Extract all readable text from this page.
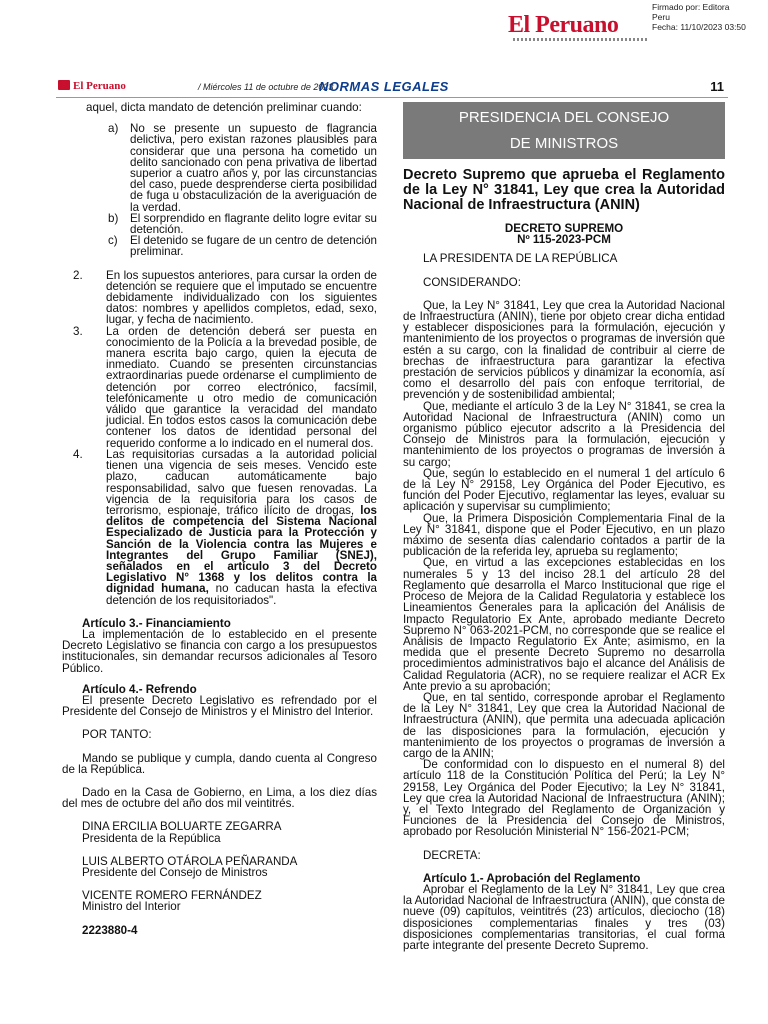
El Peruano
Firmado por: Editora
Peru
Fecha: 11/10/2023 03:50
El Peruano	/ Miércoles 11 de octubre de 2023
NORMAS LEGALES	11

aquel, dicta mandato de detención preliminar cuando:

a) No se presente un supuesto de flagrancia delictiva, pero existan razones plausibles para considerar que una persona ha cometido un delito sancionado con pena privativa de libertad superior a cuatro años y, por las circunstancias del caso, puede desprenderse cierta posibilidad de fuga u obstaculización de la averiguación de la verdad.

b) El sorprendido en flagrante delito logre evitar su detención.

c) El detenido se fugare de un centro de detención preliminar.

2. En los supuestos anteriores, para cursar la orden de detención se requiere que el imputado se encuentre debidamente individualizado con los siguientes datos: nombres y apellidos completos, edad, sexo, lugar, y fecha de nacimiento.

3. La orden de detención deberá ser puesta en conocimiento de la Policía a la brevedad posible, de manera escrita bajo cargo, quien la ejecuta de inmediato. Cuando se presenten circunstancias extraordinarias puede ordenarse el cumplimiento de detención por correo electrónico, facsímil, telefónicamente u otro medio de comunicación válido que garantice la veracidad del mandato judicial. En todos estos casos la comunicación debe contener los datos de identidad personal del requerido conforme a lo indicado en el numeral dos.

4. Las requisitorias cursadas a la autoridad policial tienen una vigencia de seis meses. Vencido este plazo, caducan automáticamente bajo responsabilidad, salvo que fuesen renovadas. La vigencia de la requisitoria para los casos de terrorismo, espionaje, tráfico ilícito de drogas, los delitos de competencia del Sistema Nacional Especializado de Justicia para la Protección y Sanción de la Violencia contra las Mujeres e Integrantes del Grupo Familiar (SNEJ), señalados en el artículo 3 del Decreto Legislativo N° 1368 y los delitos contra la dignidad humana, no caducan hasta la efectiva detención de los requisitoriados".

Artículo 3.- Financiamiento

La implementación de lo establecido en el presente Decreto Legislativo se financia con cargo a los presupuestos institucionales, sin demandar recursos adicionales al Tesoro Público.

Artículo 4.- Refrendo

El presente Decreto Legislativo es refrendado por el Presidente del Consejo de Ministros y el Ministro del Interior.

POR TANTO:

Mando se publique y cumpla, dando cuenta al Congreso de la República.

Dado en la Casa de Gobierno, en Lima, a los diez días del mes de octubre del año dos mil veintitrés.

DINA ERCILIA BOLUARTE ZEGARRA

Presidenta de la República

LUIS ALBERTO OTÁROLA PEÑARANDA

Presidente del Consejo de Ministros

VICENTE ROMERO FERNÁNDEZ

Ministro del Interior

2223880-4

PRESIDENCIA DEL CONSEJO
DE MINISTROS

Decreto Supremo que aprueba el Reglamento de la Ley N° 31841, Ley que crea la Autoridad Nacional de Infraestructura (ANIN)

DECRETO SUPREMO

Nº 115-2023-PCM

LA PRESIDENTA DE LA REPÚBLICA

CONSIDERANDO:

Que, la Ley N° 31841, Ley que crea la Autoridad Nacional de Infraestructura (ANIN), tiene por objeto crear dicha entidad y establecer disposiciones para la formulación, ejecución y mantenimiento de los proyectos o programas de inversión que estén a su cargo, con la finalidad de contribuir al cierre de brechas de infraestructura para garantizar la efectiva prestación de servicios públicos y dinamizar la economía, así como el desarrollo del país con enfoque territorial, de prevención y de sostenibilidad ambiental;

Que, mediante el artículo 3 de la Ley N° 31841, se crea la Autoridad Nacional de Infraestructura (ANIN) como un organismo público ejecutor adscrito a la Presidencia del Consejo de Ministros para la formulación, ejecución y mantenimiento de los proyectos o programas de inversión a su cargo;

Que, según lo establecido en el numeral 1 del artículo 6 de la Ley N° 29158, Ley Orgánica del Poder Ejecutivo, es función del Poder Ejecutivo, reglamentar las leyes, evaluar su aplicación y supervisar su cumplimiento;

Que, la Primera Disposición Complementaria Final de la Ley N° 31841, dispone que el Poder Ejecutivo, en un plazo máximo de sesenta días calendario contados a partir de la publicación de la referida ley, aprueba su reglamento;

Que, en virtud a las excepciones establecidas en los numerales 5 y 13 del inciso 28.1 del artículo 28 del Reglamento que desarrolla el Marco Institucional que rige el Proceso de Mejora de la Calidad Regulatoria y establece los Lineamientos Generales para la aplicación del Análisis de Impacto Regulatorio Ex Ante, aprobado mediante Decreto Supremo N° 063-2021-PCM, no corresponde que se realice el Análisis de Impacto Regulatorio Ex Ante; asimismo, en la medida que el presente Decreto Supremo no desarrolla procedimientos administrativos bajo el alcance del Análisis de Calidad Regulatoria (ACR), no se requiere realizar el ACR Ex Ante previo a su aprobación;

Que, en tal sentido, corresponde aprobar el Reglamento de la Ley N° 31841, Ley que crea la Autoridad Nacional de Infraestructura (ANIN), que permita una adecuada aplicación de las disposiciones para la formulación, ejecución y mantenimiento de los proyectos o programas de inversión a cargo de la ANIN;

De conformidad con lo dispuesto en el numeral 8) del artículo 118 de la Constitución Política del Perú; la Ley N° 29158, Ley Orgánica del Poder Ejecutivo; la Ley N° 31841, Ley que crea la Autoridad Nacional de Infraestructura (ANIN); y, el Texto Integrado del Reglamento de Organización y Funciones de la Presidencia del Consejo de Ministros, aprobado por Resolución Ministerial N° 156-2021-PCM;

DECRETA:

Artículo 1.- Aprobación del Reglamento

Aprobar el Reglamento de la Ley N° 31841, Ley que crea la Autoridad Nacional de Infraestructura (ANIN), que consta de nueve (09) capítulos, veintitrés (23) artículos, dieciocho (18) disposiciones complementarias finales y tres (03) disposiciones complementarias transitorias, el cual forma parte integrante del presente Decreto Supremo.
